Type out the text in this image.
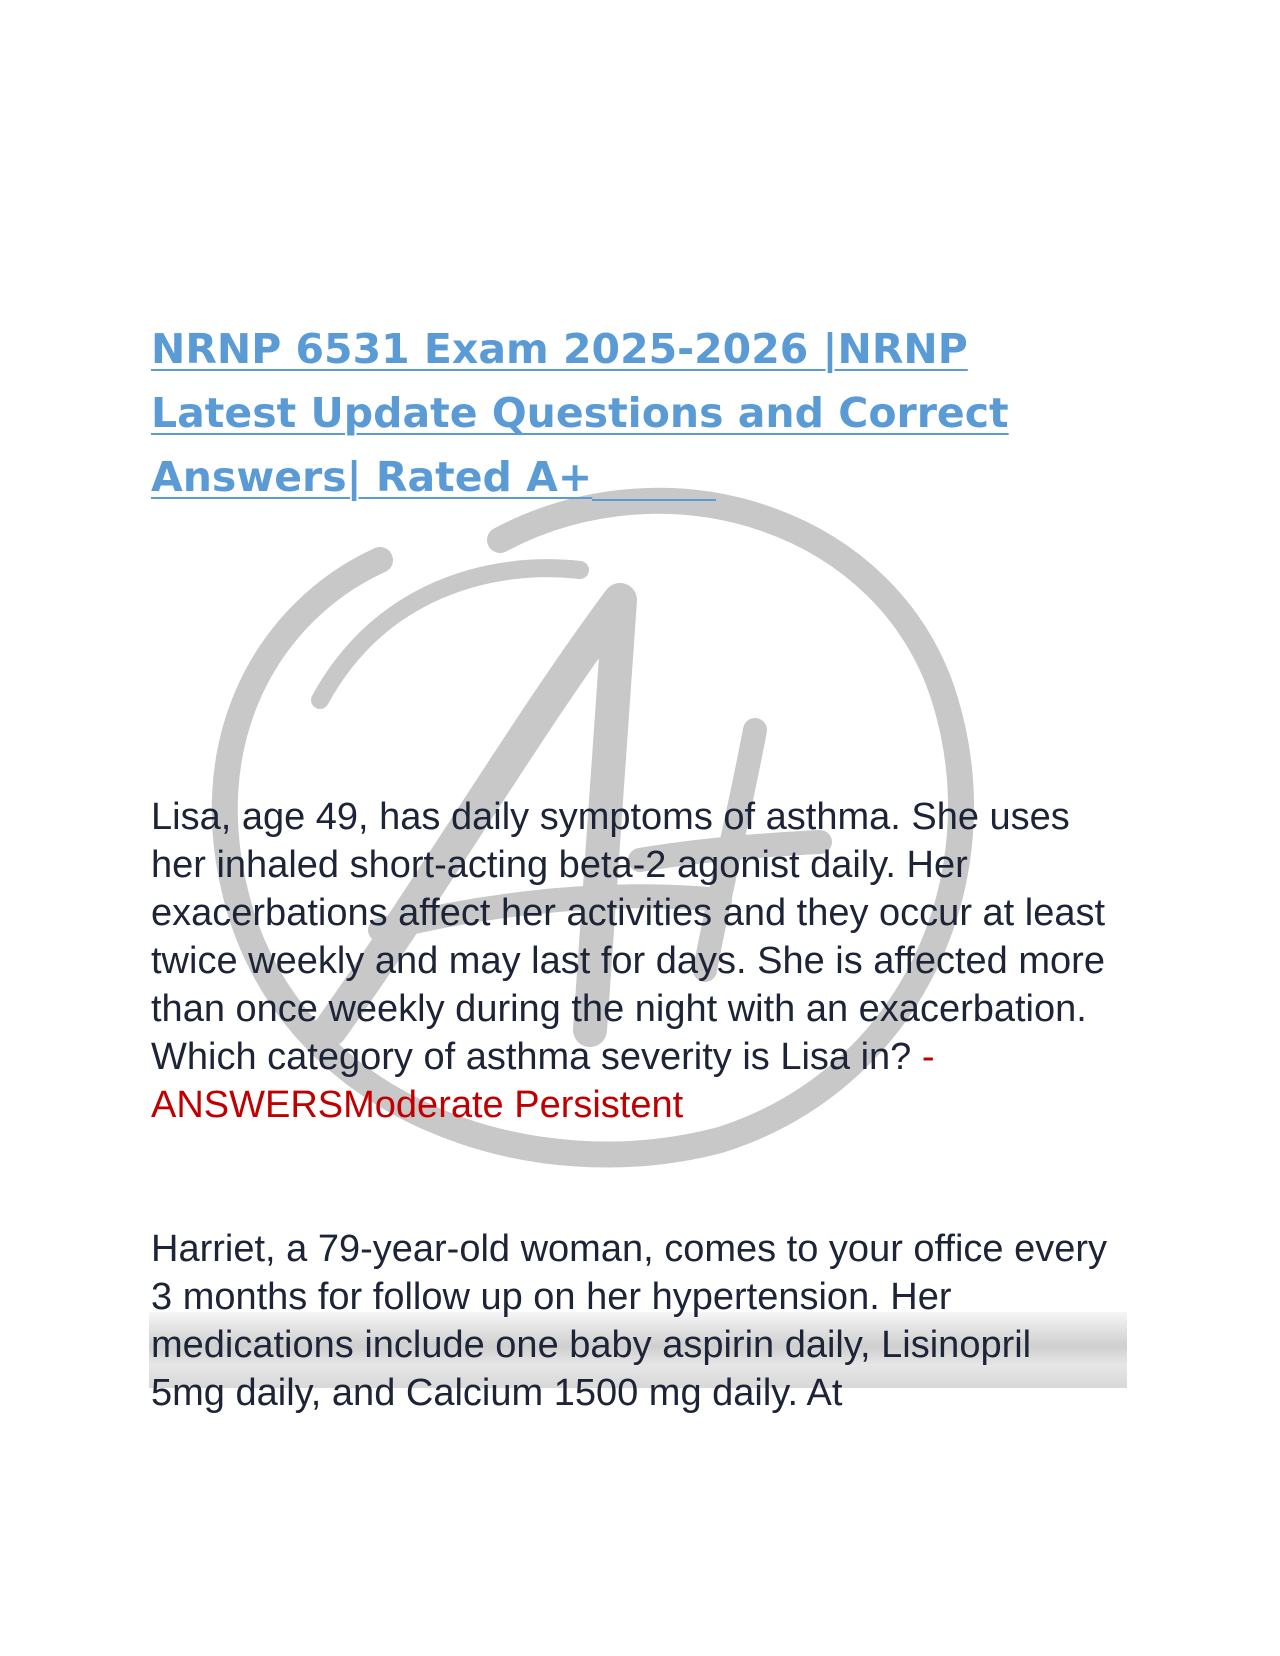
NRNP 6531 Exam 2025-2026 |NRNP Latest Update Questions and Correct Answers| Rated A+

Lisa, age 49, has daily symptoms of asthma. She uses her inhaled short-acting beta-2 agonist daily. Her exacerbations affect her activities and they occur at least twice weekly and may last for days. She is affected more than once weekly during the night with an exacerbation. Which category of asthma severity is Lisa in? - ANSWERSModerate Persistent

Harriet, a 79-year-old woman, comes to your office every 3 months for follow up on her hypertension. Her medications include one baby aspirin daily, Lisinopril 5mg daily, and Calcium 1500 mg daily. At
